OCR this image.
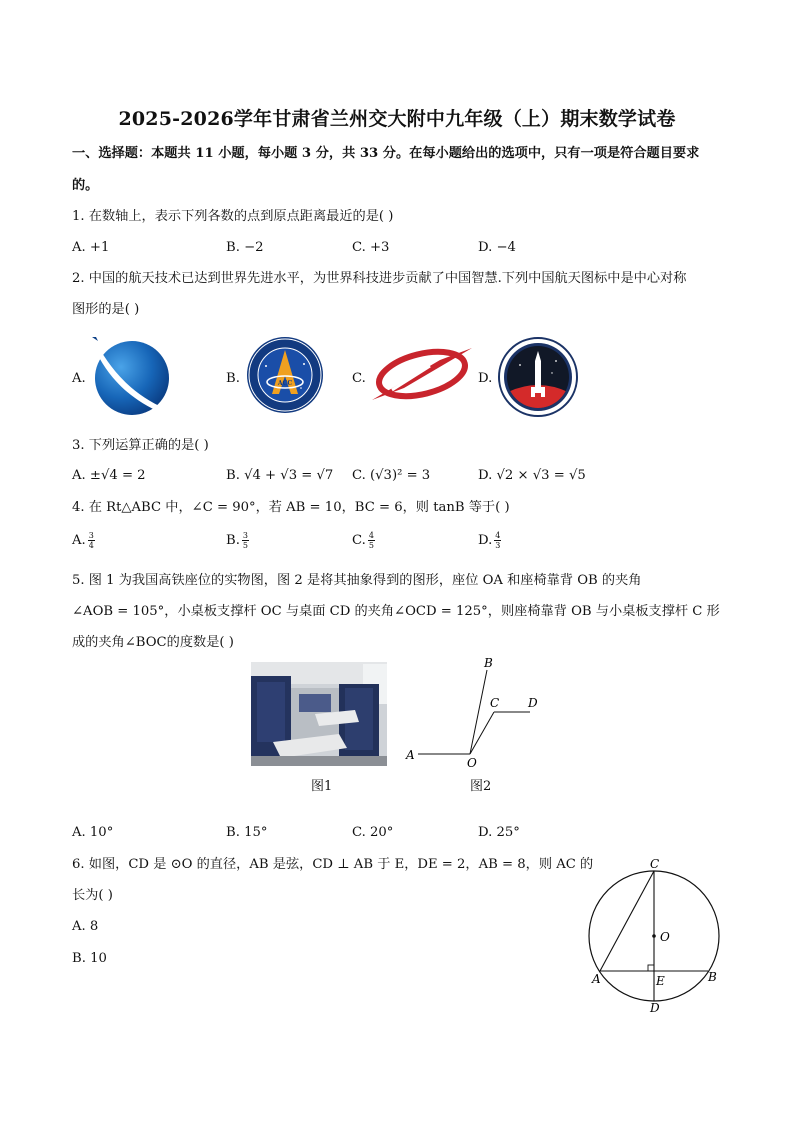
2025-2026学年甘肃省兰州交大附中九年级（上）期末数学试卷
一、选择题：本题共 11 小题，每小题 3 分，共 33 分。在每小题给出的选项中，只有一项是符合题目要求
的。
1. 在数轴上，表示下列各数的点到原点距离最近的是( )
A. +1	B. −2	C. +3	D. −4
2. 中国的航天技术已达到世界先进水平，为世界科技进步贡献了中国智慧.下列中国航天图标中是中心对称
图形的是( )
A.	B.	C.	D.
ACC
3. 下列运算正确的是( )
A. ±√4 = 2	B. √4 + √3 = √7 C. (√3)² = 3	D. √2 × √3 = √5
4. 在 Rt△ABC 中，∠C = 90°，若 AB = 10，BC = 6，则 tanB 等于( )
A. $\frac{3}{4}$	B. $\frac{3}{5}$	C. $\frac{4}{5}$	D. $\frac{4}{3}$
5. 图 1 为我国高铁座位的实物图，图 2 是将其抽象得到的图形，座位 OA 和座椅靠背 OB 的夹角
∠AOB = 105°，小桌板支撑杆 OC 与桌面 CD 的夹角∠OCD = 125°，则座椅靠背 OB 与小桌板支撑杆 C 形
成的夹角∠BOC的度数是( )
图1
A
B
C D
O
图2
A. 10°	B. 15°	C. 20°	D. 25°
6. 如图，CD 是 ⊙O 的直径，AB 是弦，CD ⊥ AB 于 E，DE = 2，AB = 8，则 AC 的
长为( )
A. 8
B. 10
C
O
A	B
E
D
